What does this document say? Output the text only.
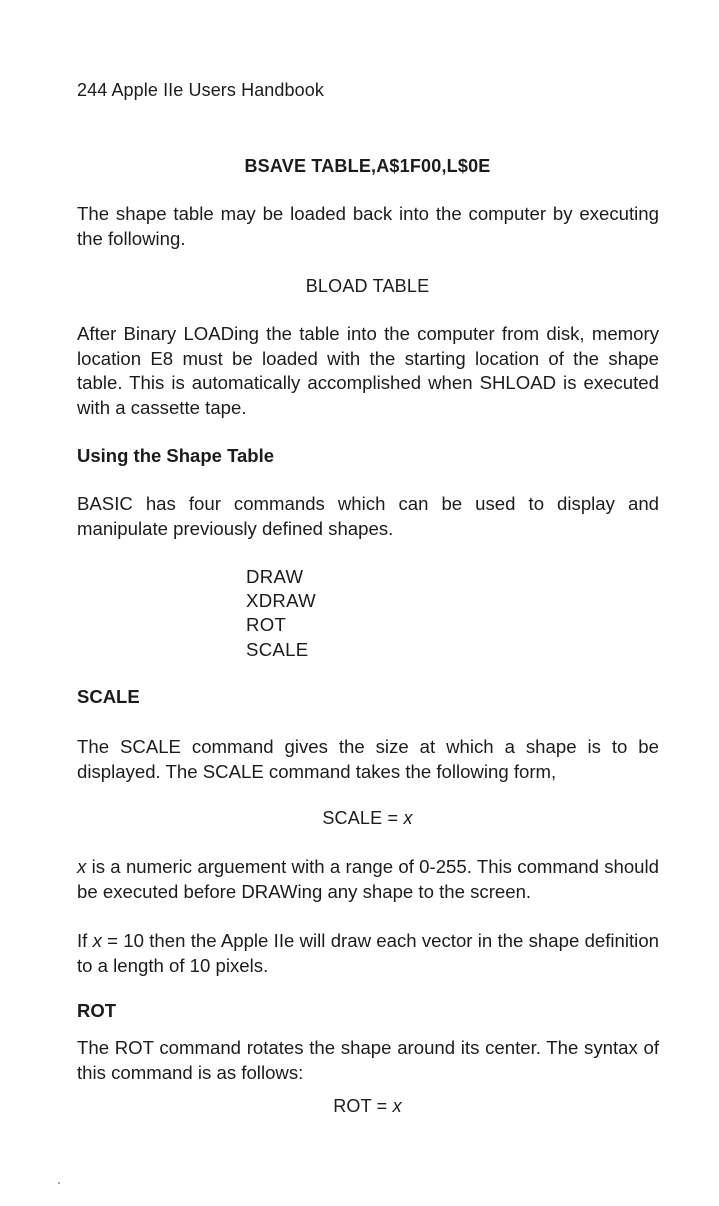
244 Apple IIe Users Handbook
BSAVE TABLE,A$1F00,L$0E
The shape table may be loaded back into the computer by executing the following.
BLOAD TABLE
After Binary LOADing the table into the computer from disk, memory location E8 must be loaded with the starting location of the shape table. This is automatically accomplished when SHLOAD is executed with a cassette tape.
Using the Shape Table
BASIC has four commands which can be used to display and manipulate previously defined shapes.
DRAW
XDRAW
ROT
SCALE
SCALE
The SCALE command gives the size at which a shape is to be displayed. The SCALE command takes the following form,
SCALE = x
x is a numeric arguement with a range of 0-255. This command should be executed before DRAWing any shape to the screen.
If x = 10 then the Apple IIe will draw each vector in the shape definition to a length of 10 pixels.
ROT
The ROT command rotates the shape around its center. The syntax of this command is as follows:
ROT = x
